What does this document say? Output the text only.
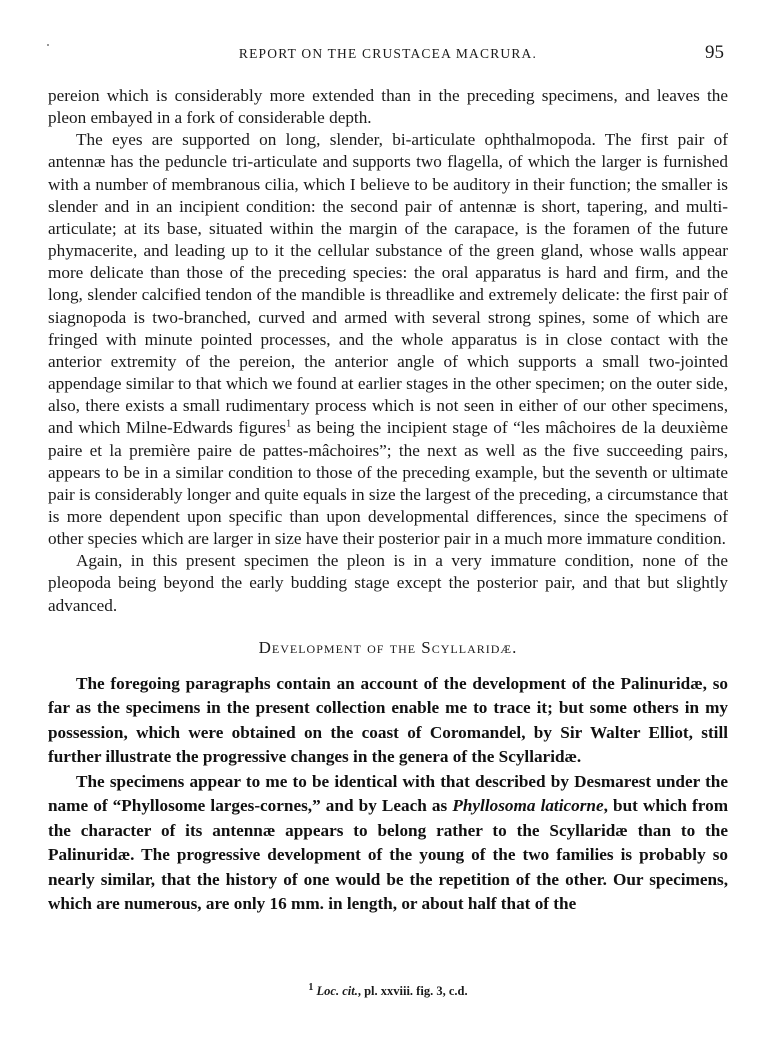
REPORT ON THE CRUSTACEA MACRURA.	95

pereion which is considerably more extended than in the preceding specimens, and leaves the pleon embayed in a fork of considerable depth.

The eyes are supported on long, slender, bi-articulate ophthalmopoda. The first pair of antennæ has the peduncle tri-articulate and supports two flagella, of which the larger is furnished with a number of membranous cilia, which I believe to be auditory in their function; the smaller is slender and in an incipient condition: the second pair of antennæ is short, tapering, and multi-articulate; at its base, situated within the margin of the carapace, is the foramen of the future phymacerite, and leading up to it the cellular substance of the green gland, whose walls appear more delicate than those of the preceding species: the oral apparatus is hard and firm, and the long, slender calcified tendon of the mandible is threadlike and extremely delicate: the first pair of siagnopoda is two-branched, curved and armed with several strong spines, some of which are fringed with minute pointed processes, and the whole apparatus is in close contact with the anterior extremity of the pereion, the anterior angle of which supports a small two-jointed appendage similar to that which we found at earlier stages in the other specimen; on the outer side, also, there exists a small rudimentary process which is not seen in either of our other specimens, and which Milne-Edwards figures$^1$ as being the incipient stage of “les mâchoires de la deuxième paire et la première paire de pattes-mâchoires”; the next as well as the five succeeding pairs, appears to be in a similar condition to those of the preceding example, but the seventh or ultimate pair is considerably longer and quite equals in size the largest of the preceding, a circumstance that is more dependent upon specific than upon developmental differences, since the specimens of other species which are larger in size have their posterior pair in a much more immature condition.

Again, in this present specimen the pleon is in a very immature condition, none of the pleopoda being beyond the early budding stage except the posterior pair, and that but slightly advanced.

Development of the Scyllaridæ.

The foregoing paragraphs contain an account of the development of the Palinuridæ, so far as the specimens in the present collection enable me to trace it; but some others in my possession, which were obtained on the coast of Coromandel, by Sir Walter Elliot, still further illustrate the progressive changes in the genera of the Scyllaridæ.

The specimens appear to me to be identical with that described by Desmarest under the name of “Phyllosome larges-cornes,” and by Leach as Phyllosoma laticorne, but which from the character of its antennæ appears to belong rather to the Scyllaridæ than to the Palinuridæ. The progressive development of the young of the two families is probably so nearly similar, that the history of one would be the repetition of the other. Our specimens, which are numerous, are only 16 mm. in length, or about half that of the

$^1$ Loc. cit., pl. xxviii. fig. 3, c.d.
